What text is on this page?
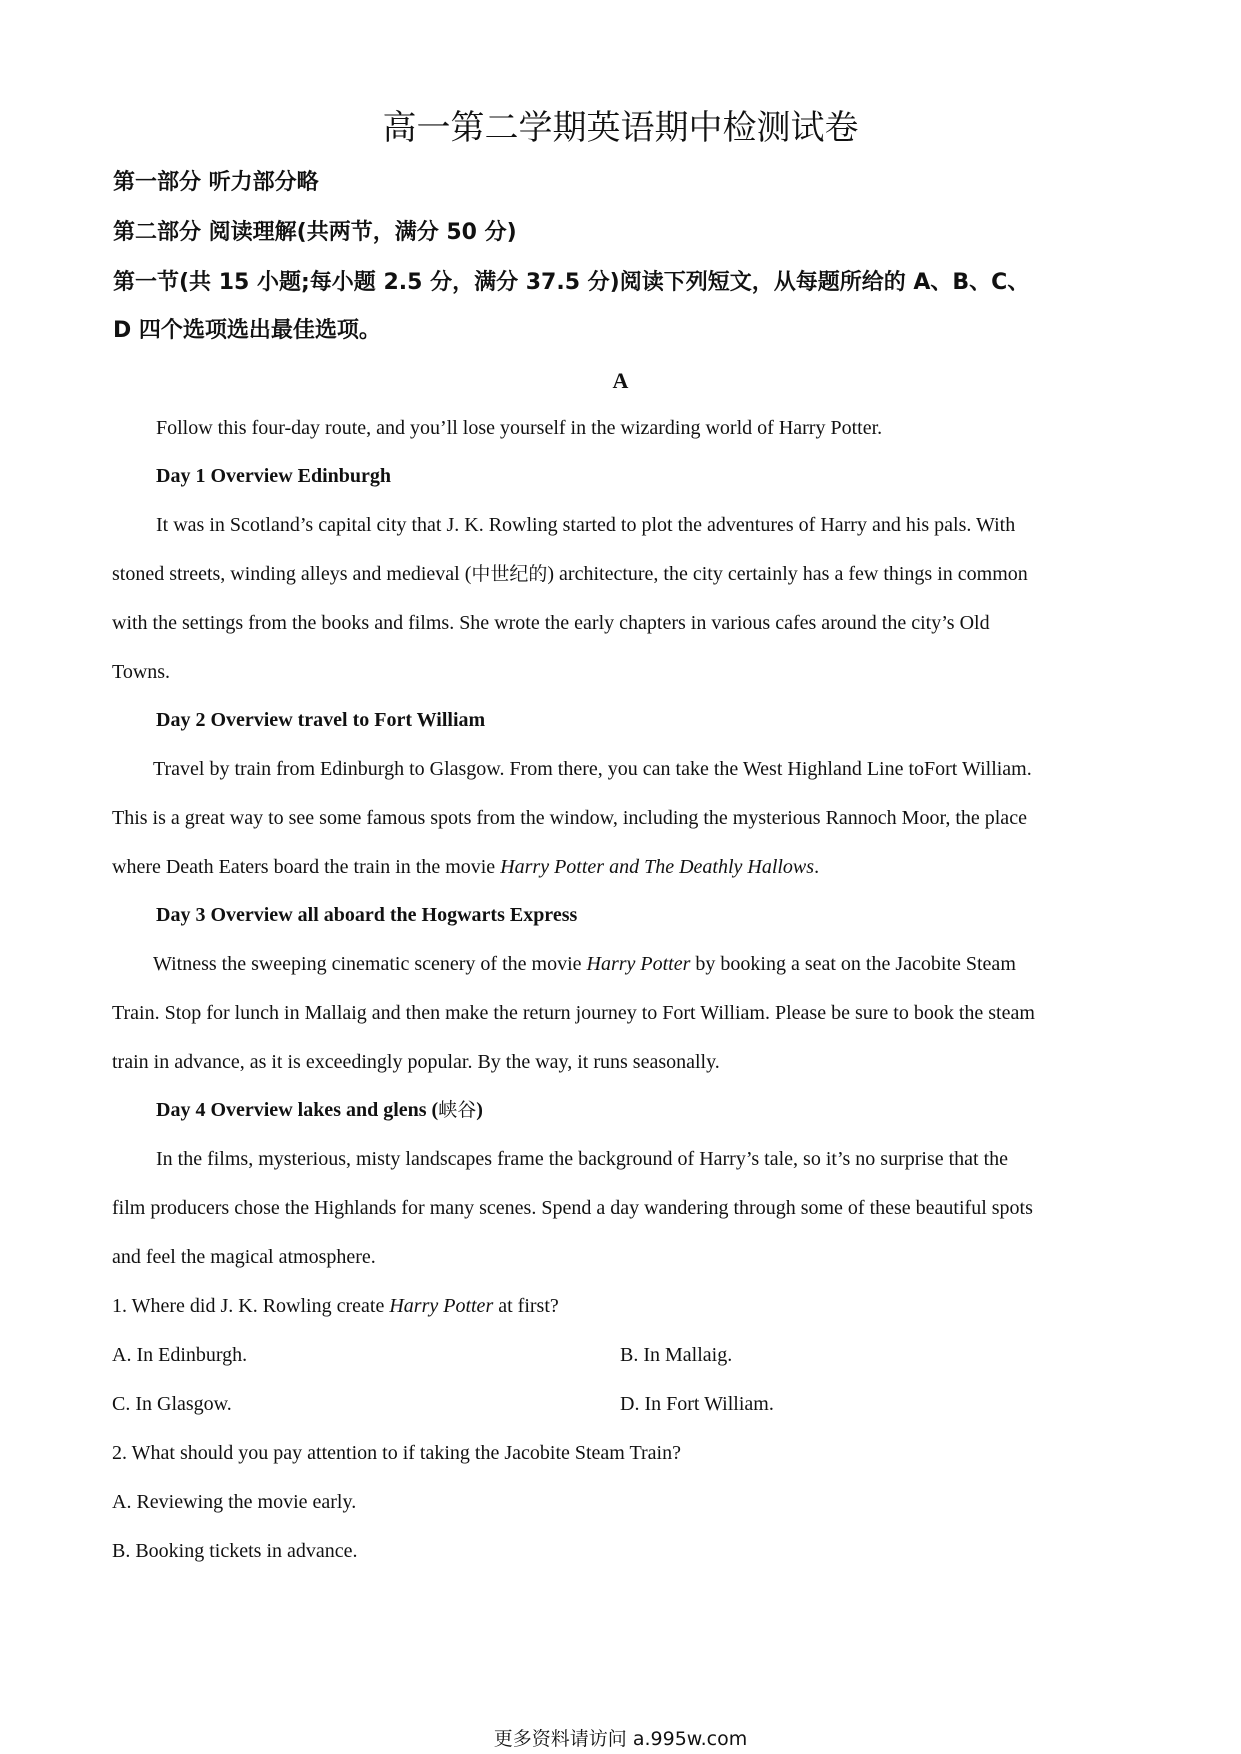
高一第二学期英语期中检测试卷
第一部分 听力部分略
第二部分 阅读理解(共两节，满分 50 分)
第一节(共 15 小题;每小题 2.5 分，满分 37.5 分)阅读下列短文，从每题所给的 A、B、C、
D 四个选项选出最佳选项。
A
Follow this four-day route, and you’ll lose yourself in the wizarding world of Harry Potter.
Day 1 Overview Edinburgh
It was in Scotland’s capital city that J. K. Rowling started to plot the adventures of Harry and his pals. With
stoned streets, winding alleys and medieval (中世纪的) architecture, the city certainly has a few things in common
with the settings from the books and films. She wrote the early chapters in various cafes around the city’s Old
Towns.
Day 2 Overview travel to Fort William
Travel by train from Edinburgh to Glasgow. From there, you can take the West Highland Line toFort William.
This is a great way to see some famous spots from the window, including the mysterious Rannoch Moor, the place
where Death Eaters board the train in the movie Harry Potter and The Deathly Hallows.
Day 3 Overview all aboard the Hogwarts Express
Witness the sweeping cinematic scenery of the movie Harry Potter by booking a seat on the Jacobite Steam
Train. Stop for lunch in Mallaig and then make the return journey to Fort William. Please be sure to book the steam
train in advance, as it is exceedingly popular. By the way, it runs seasonally.
Day 4 Overview lakes and glens (峡谷)
In the films, mysterious, misty landscapes frame the background of Harry’s tale, so it’s no surprise that the
film producers chose the Highlands for many scenes. Spend a day wandering through some of these beautiful spots
and feel the magical atmosphere.
1. Where did J. K. Rowling create Harry Potter at first?
A. In Edinburgh.	B. In Mallaig.
C. In Glasgow.	D. In Fort William.
2. What should you pay attention to if taking the Jacobite Steam Train?
A. Reviewing the movie early.
B. Booking tickets in advance.
更多资料请访问 a.995w.com
